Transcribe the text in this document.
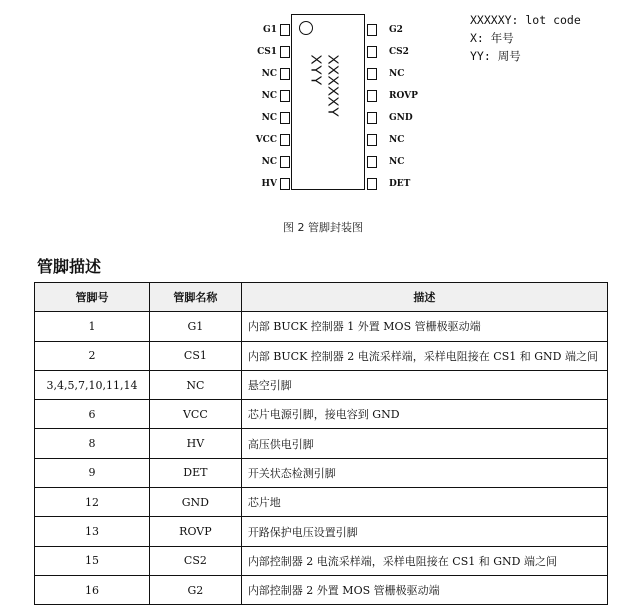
XXXXXY
XYY
G1
CS1
NC
NC
NC
VCC
NC
HV
G2
CS2
NC
ROVP
GND
NC
NC
DET
XXXXXY: lot code
X: 年号
YY: 周号
图 2 管脚封装图
管脚描述
管脚号	管脚名称	描述
1	G1	内部 BUCK 控制器 1 外置 MOS 管栅极驱动端
2	CS1	内部 BUCK 控制器 2 电流采样端，采样电阻接在 CS1 和 GND 端之间
3,4,5,7,10,11,14	NC	悬空引脚
6	VCC	芯片电源引脚，接电容到 GND
8	HV	高压供电引脚
9	DET	开关状态检测引脚
12	GND	芯片地
13	ROVP	开路保护电压设置引脚
15	CS2	内部控制器 2 电流采样端，采样电阻接在 CS1 和 GND 端之间
16	G2	内部控制器 2 外置 MOS 管栅极驱动端
